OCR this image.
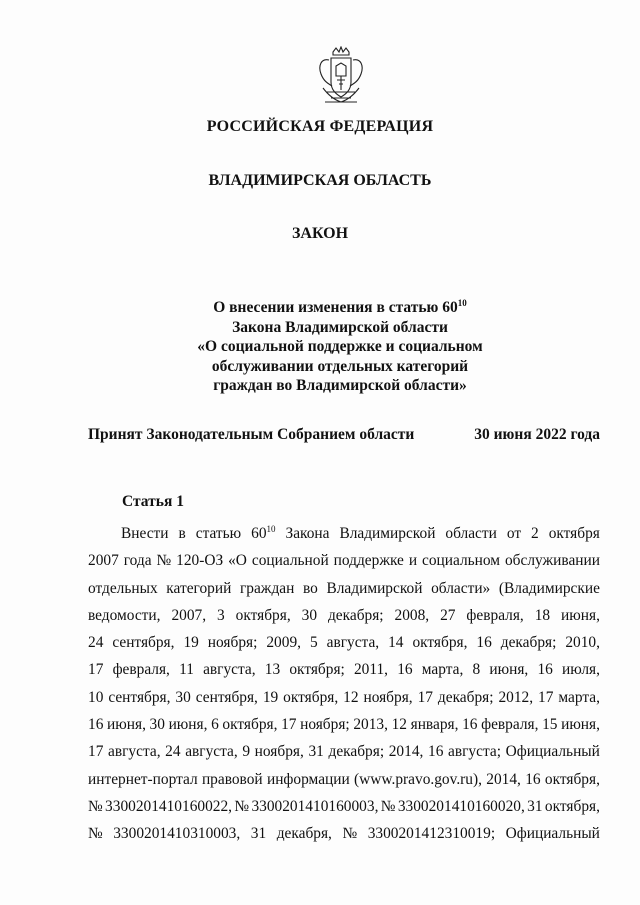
РОССИЙСКАЯ ФЕДЕРАЦИЯ
ВЛАДИМИРСКАЯ ОБЛАСТЬ
ЗАКОН
О внесении изменения в статью $60^{10}$
Закона Владимирской области
«О социальной поддержке и социальном
обслуживании отдельных категорий
граждан во Владимирской области»
Принят Законодательным Собранием области	30 июня 2022 года
Статья 1
Внести в статью $60^{10}$ Закона Владимирской области от 2 октября
2007 года № 120-ОЗ «О социальной поддержке и социальном обслуживании
отдельных категорий граждан во Владимирской области» (Владимирские
ведомости, 2007, 3 октября, 30 декабря; 2008, 27 февраля, 18 июня,
24 сентября, 19 ноября; 2009, 5 августа, 14 октября, 16 декабря; 2010,
17 февраля, 11 августа, 13 октября; 2011, 16 марта, 8 июня, 16 июля,
10 сентября, 30 сентября, 19 октября, 12 ноября, 17 декабря; 2012, 17 марта,
16 июня, 30 июня, 6 октября, 17 ноября; 2013, 12 января, 16 февраля, 15 июня,
17 августа, 24 августа, 9 ноября, 31 декабря; 2014, 16 августа; Официальный
интернет-портал правовой информации (www.pravo.gov.ru), 2014, 16 октября,
№ 3300201410160022, № 3300201410160003, № 3300201410160020, 31 октября,
№ 3300201410310003, 31 декабря, № 3300201412310019; Официальный
